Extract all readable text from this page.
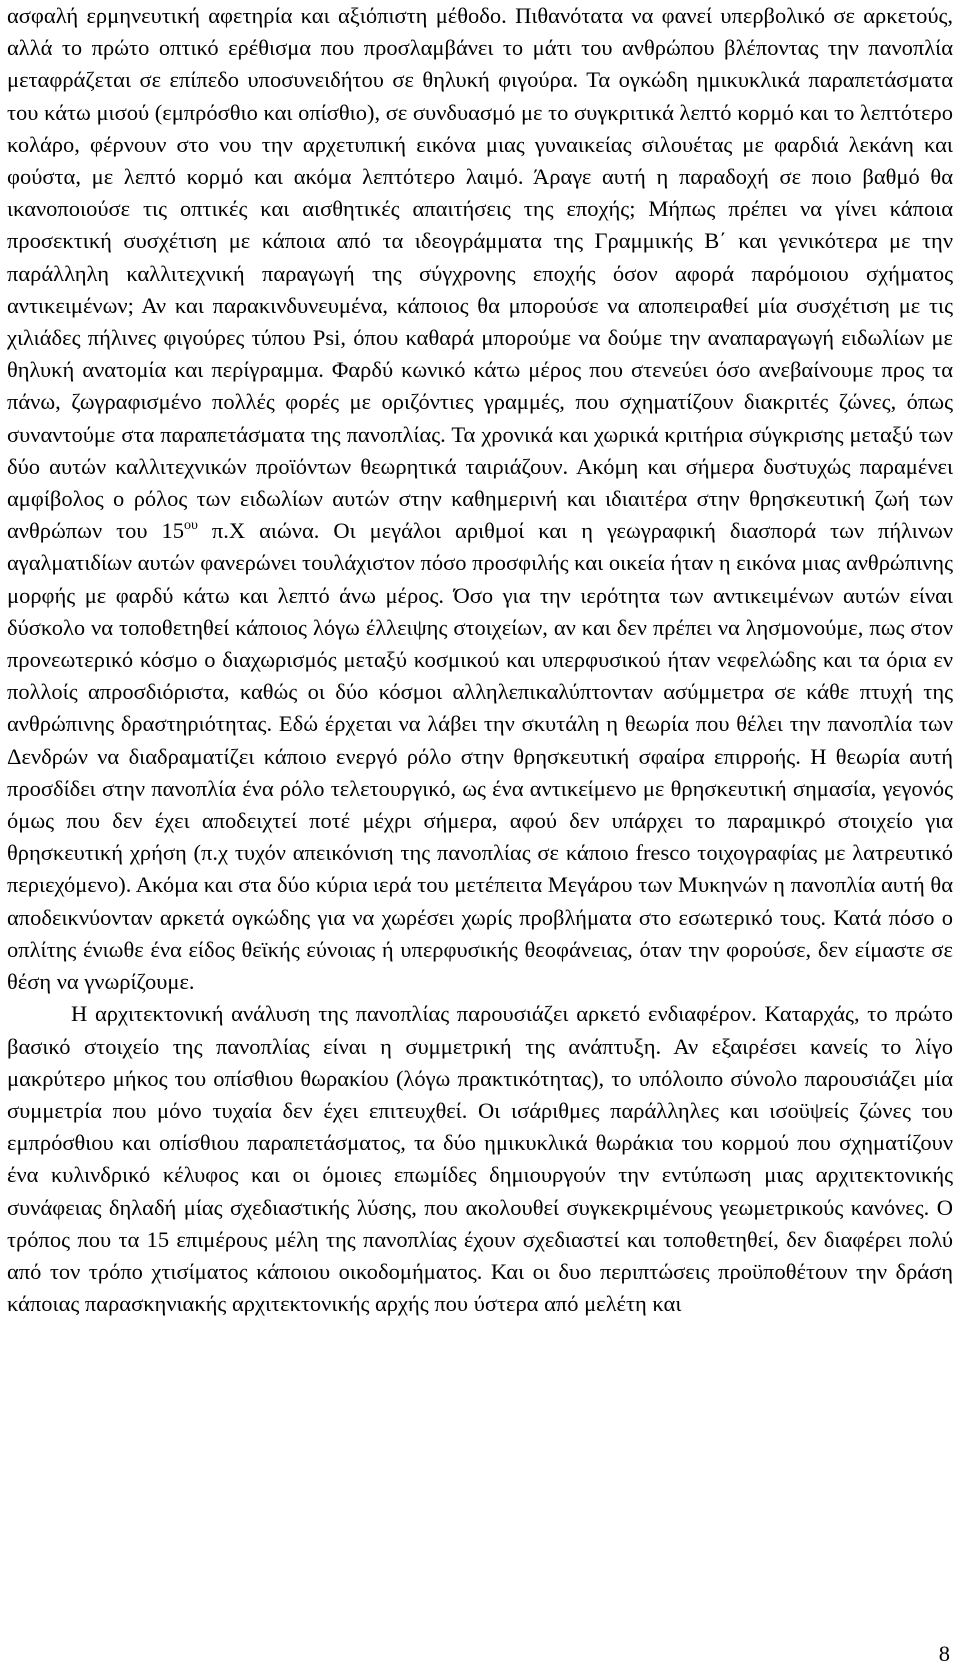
ασφαλή ερμηνευτική αφετηρία και αξιόπιστη μέθοδο. Πιθανότατα να φανεί υπερβολικό σε αρκετούς, αλλά το πρώτο οπτικό ερέθισμα που προσλαμβάνει το μάτι του ανθρώπου βλέποντας την πανοπλία μεταφράζεται σε επίπεδο υποσυνειδήτου σε θηλυκή φιγούρα. Τα ογκώδη ημικυκλικά παραπετάσματα του κάτω μισού (εμπρόσθιο και οπίσθιο), σε συνδυασμό με το συγκριτικά λεπτό κορμό και το λεπτότερο κολάρο, φέρνουν στο νου την αρχετυπική εικόνα μιας γυναικείας σιλουέτας με φαρδιά λεκάνη και φούστα, με λεπτό κορμό και ακόμα λεπτότερο λαιμό. Άραγε αυτή η παραδοχή σε ποιο βαθμό θα ικανοποιούσε τις οπτικές και αισθητικές απαιτήσεις της εποχής; Μήπως πρέπει να γίνει κάποια προσεκτική συσχέτιση με κάποια από τα ιδεογράμματα της Γραμμικής Β΄ και γενικότερα με την παράλληλη καλλιτεχνική παραγωγή της σύγχρονης εποχής όσον αφορά παρόμοιου σχήματος αντικειμένων; Αν και παρακινδυνευμένα, κάποιος θα μπορούσε να αποπειραθεί μία συσχέτιση με τις χιλιάδες πήλινες φιγούρες τύπου Psi, όπου καθαρά μπορούμε να δούμε την αναπαραγωγή ειδωλίων με θηλυκή ανατομία και περίγραμμα. Φαρδύ κωνικό κάτω μέρος που στενεύει όσο ανεβαίνουμε προς τα πάνω, ζωγραφισμένο πολλές φορές με οριζόντιες γραμμές, που σχηματίζουν διακριτές ζώνες, όπως συναντούμε στα παραπετάσματα της πανοπλίας. Τα χρονικά και χωρικά κριτήρια σύγκρισης μεταξύ των δύο αυτών καλλιτεχνικών προϊόντων θεωρητικά ταιριάζουν. Ακόμη και σήμερα δυστυχώς παραμένει αμφίβολος ο ρόλος των ειδωλίων αυτών στην καθημερινή και ιδιαιτέρα στην θρησκευτική ζωή των ανθρώπων του $15^{o\upsilon}$ π.Χ αιώνα. Οι μεγάλοι αριθμοί και η γεωγραφική διασπορά των πήλινων αγαλματιδίων αυτών φανερώνει τουλάχιστον πόσο προσφιλής και οικεία ήταν η εικόνα μιας ανθρώπινης μορφής με φαρδύ κάτω και λεπτό άνω μέρος. Όσο για την ιερότητα των αντικειμένων αυτών είναι δύσκολο να τοποθετηθεί κάποιος λόγω έλλειψης στοιχείων, αν και δεν πρέπει να λησμονούμε, πως στον προνεωτερικό κόσμο ο διαχωρισμός μεταξύ κοσμικού και υπερφυσικού ήταν νεφελώδης και τα όρια εν πολλοίς απροσδιόριστα, καθώς οι δύο κόσμοι αλληλεπικαλύπτονταν ασύμμετρα σε κάθε πτυχή της ανθρώπινης δραστηριότητας. Εδώ έρχεται να λάβει την σκυτάλη η θεωρία που θέλει την πανοπλία των Δενδρών να διαδραματίζει κάποιο ενεργό ρόλο στην θρησκευτική σφαίρα επιρροής. Η θεωρία αυτή προσδίδει στην πανοπλία ένα ρόλο τελετουργικό, ως ένα αντικείμενο με θρησκευτική σημασία, γεγονός όμως που δεν έχει αποδειχτεί ποτέ μέχρι σήμερα, αφού δεν υπάρχει το παραμικρό στοιχείο για θρησκευτική χρήση (π.χ τυχόν απεικόνιση της πανοπλίας σε κάποιο fresco τοιχογραφίας με λατρευτικό περιεχόμενο). Ακόμα και στα δύο κύρια ιερά του μετέπειτα Μεγάρου των Μυκηνών η πανοπλία αυτή θα αποδεικνύονταν αρκετά ογκώδης για να χωρέσει χωρίς προβλήματα στο εσωτερικό τους. Κατά πόσο ο οπλίτης ένιωθε ένα είδος θεϊκής εύνοιας ή υπερφυσικής θεοφάνειας, όταν την φορούσε, δεν είμαστε σε θέση να γνωρίζουμε.

Η αρχιτεκτονική ανάλυση της πανοπλίας παρουσιάζει αρκετό ενδιαφέρον. Καταρχάς, το πρώτο βασικό στοιχείο της πανοπλίας είναι η συμμετρική της ανάπτυξη. Αν εξαιρέσει κανείς το λίγο μακρύτερο μήκος του οπίσθιου θωρακίου (λόγω πρακτικότητας), το υπόλοιπο σύνολο παρουσιάζει μία συμμετρία που μόνο τυχαία δεν έχει επιτευχθεί. Οι ισάριθμες παράλληλες και ισοϋψείς ζώνες του εμπρόσθιου και οπίσθιου παραπετάσματος, τα δύο ημικυκλικά θωράκια του κορμού που σχηματίζουν ένα κυλινδρικό κέλυφος και οι όμοιες επωμίδες δημιουργούν την εντύπωση μιας αρχιτεκτονικής συνάφειας δηλαδή μίας σχεδιαστικής λύσης, που ακολουθεί συγκεκριμένους γεωμετρικούς κανόνες. Ο τρόπος που τα 15 επιμέρους μέλη της πανοπλίας έχουν σχεδιαστεί και τοποθετηθεί, δεν διαφέρει πολύ από τον τρόπο χτισίματος κάποιου οικοδομήματος. Και οι δυο περιπτώσεις προϋποθέτουν την δράση κάποιας παρασκηνιακής αρχιτεκτονικής αρχής που ύστερα από μελέτη και

8
